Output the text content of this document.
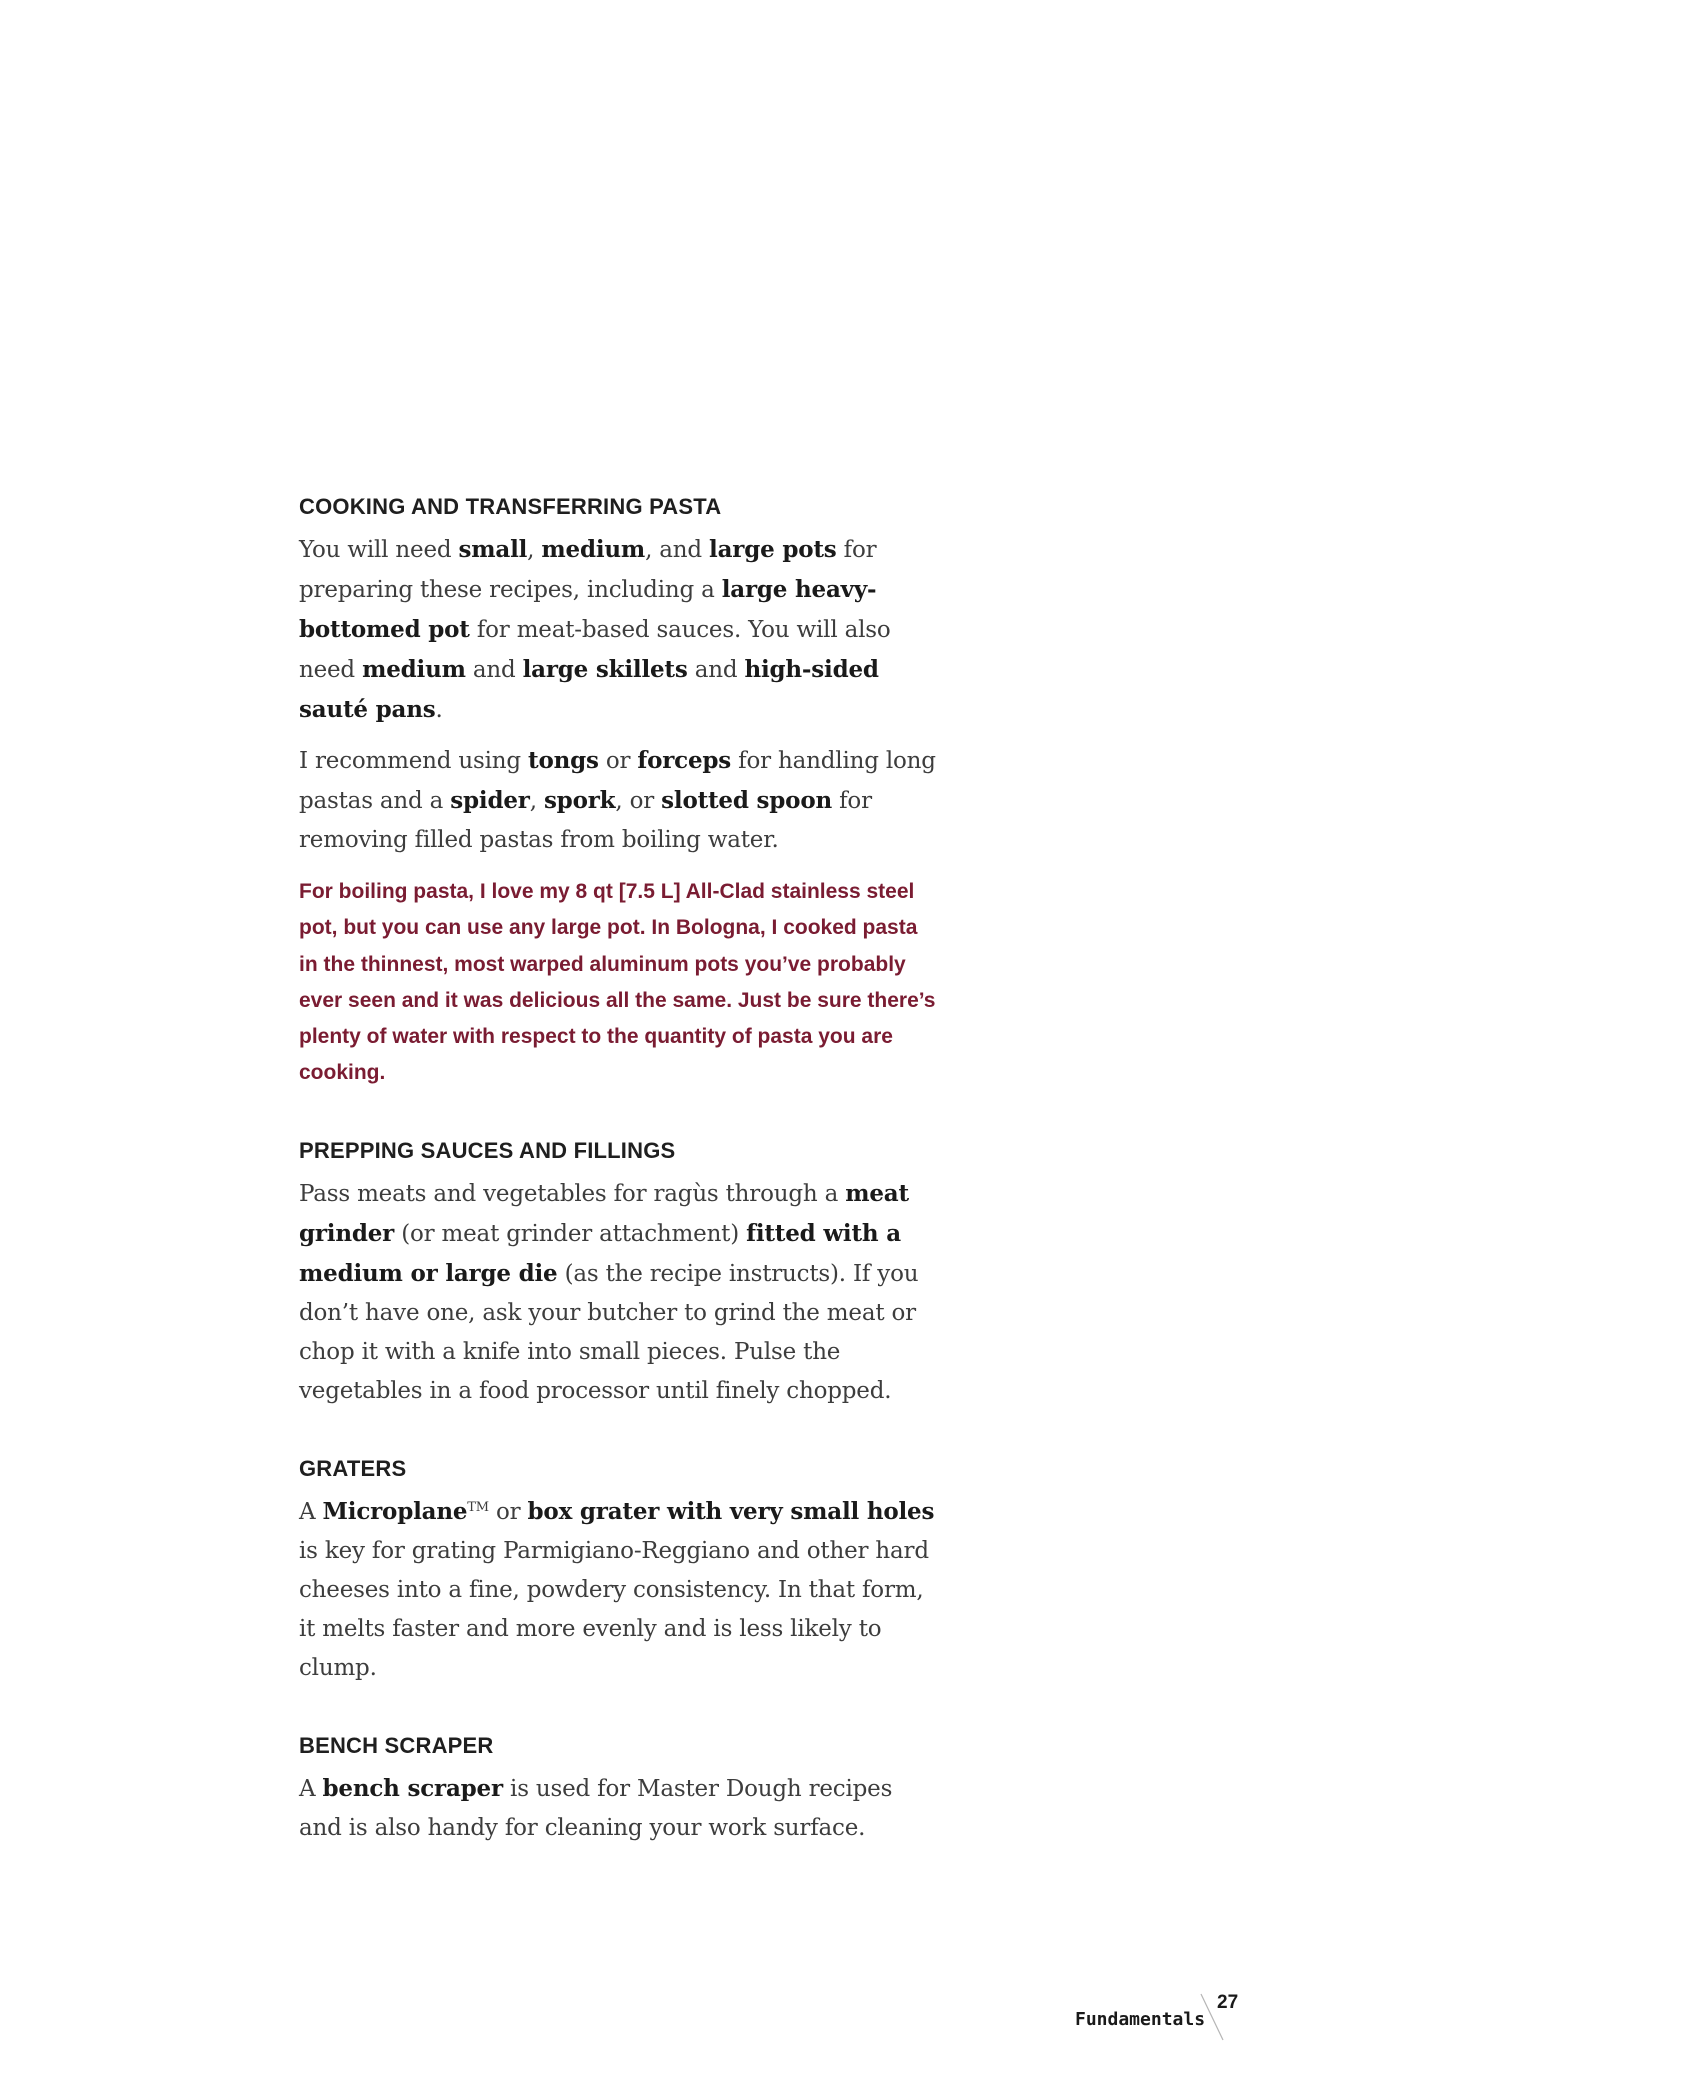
COOKING AND TRANSFERRING PASTA

You will need small, medium, and large pots for preparing these recipes, including a large heavy-bottomed pot for meat-based sauces. You will also need medium and large skillets and high-sided sauté pans.

I recommend using tongs or forceps for handling long pastas and a spider, spork, or slotted spoon for removing filled pastas from boiling water.

For boiling pasta, I love my 8 qt [7.5 L] All-Clad stainless steel pot, but you can use any large pot. In Bologna, I cooked pasta in the thinnest, most warped aluminum pots you’ve probably ever seen and it was delicious all the same. Just be sure there’s plenty of water with respect to the quantity of pasta you are cooking.

PREPPING SAUCES AND FILLINGS

Pass meats and vegetables for ragùs through a meat grinder (or meat grinder attachment) fitted with a medium or large die (as the recipe instructs). If you don’t have one, ask your butcher to grind the meat or chop it with a knife into small pieces. Pulse the vegetables in a food processor until finely chopped.

GRATERS

A Microplane™ or box grater with very small holes is key for grating Parmigiano-Reggiano and other hard cheeses into a fine, powdery consistency. In that form, it melts faster and more evenly and is less likely to clump.

BENCH SCRAPER

A bench scraper is used for Master Dough recipes and is also handy for cleaning your work surface.

Fundamentals
27
